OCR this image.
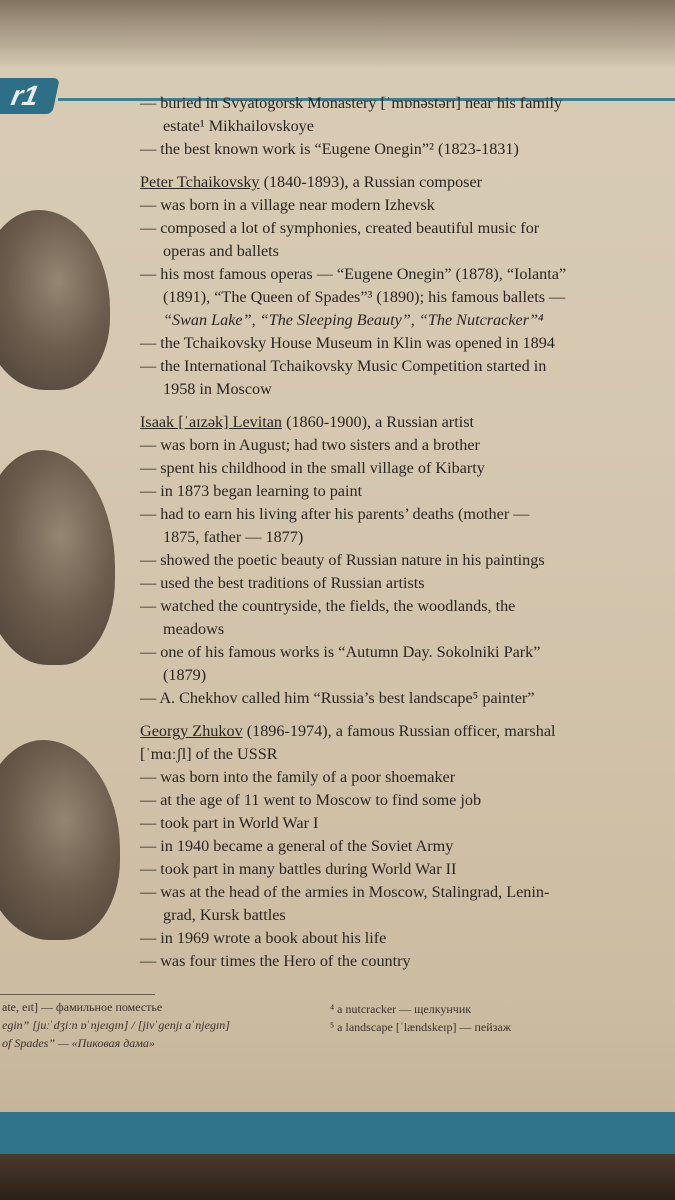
r1	— buried in Svyatogorsk Monastery [ˈmɒnəstərɪ] near his family
estate¹ Mikhailovskoye
— the best known work is “Eugene Onegin”² (1823-1831)
Peter Tchaikovsky (1840-1893), a Russian composer
— was born in a village near modern Izhevsk
— composed a lot of symphonies, created beautiful music for
operas and ballets
— his most famous operas — “Eugene Onegin” (1878), “Iolanta”
(1891), “The Queen of Spades”³ (1890); his famous ballets —
“Swan Lake”, “The Sleeping Beauty”, “The Nutcracker”⁴
— the Tchaikovsky House Museum in Klin was opened in 1894
— the International Tchaikovsky Music Competition started in
1958 in Moscow
Isaak [ˈaɪzək] Levitan (1860-1900), a Russian artist
— was born in August; had two sisters and a brother
— spent his childhood in the small village of Kibarty
— in 1873 began learning to paint
— had to earn his living after his parents’ deaths (mother —
1875, father — 1877)
— showed the poetic beauty of Russian nature in his paintings
— used the best traditions of Russian artists
— watched the countryside, the fields, the woodlands, the
meadows
— one of his famous works is “Autumn Day. Sokolniki Park”
(1879)
— A. Chekhov called him “Russia’s best landscape⁵ painter”
Georgy Zhukov (1896-1974), a famous Russian officer, marshal
[ˈmɑːʃl] of the USSR
— was born into the family of a poor shoemaker
— at the age of 11 went to Moscow to find some job
— took part in World War I
— in 1940 became a general of the Soviet Army
— took part in many battles during World War II
— was at the head of the armies in Moscow, Stalingrad, Lenin-
grad, Kursk battles
— in 1969 wrote a book about his life
— was four times the Hero of the country
ate, eɪt] — фамильное поместье
egin” [juːˈdʒiːn ɒˈnjeɪgɪn] / [jivˈgenjɪ aˈnjegɪn]
of Spades” — «Пиковая дама»
⁴ a nutcracker — щелкунчик
⁵ a landscape [ˈlændskeɪp] — пейзаж
